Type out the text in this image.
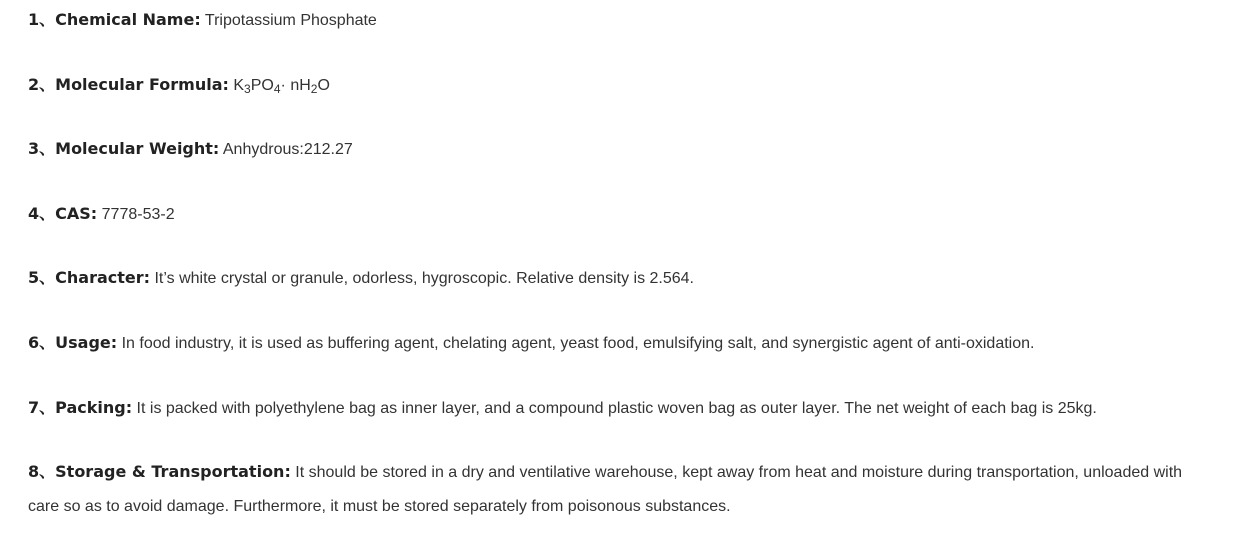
1、Chemical Name: Tripotassium Phosphate
2、Molecular Formula: $K_3PO_4\cdot nH_2O$
3、Molecular Weight: Anhydrous:212.27
4、CAS: 7778-53-2
5、Character: It’s white crystal or granule, odorless, hygroscopic. Relative density is 2.564.
6、Usage: In food industry, it is used as buffering agent, chelating agent, yeast food, emulsifying salt, and synergistic agent of anti-oxidation.
7、Packing: It is packed with polyethylene bag as inner layer, and a compound plastic woven bag as outer layer. The net weight of each bag is 25kg.
8、Storage & Transportation: It should be stored in a dry and ventilative warehouse, kept away from heat and moisture during transportation, unloaded with care so as to avoid damage. Furthermore, it must be stored separately from poisonous substances.
